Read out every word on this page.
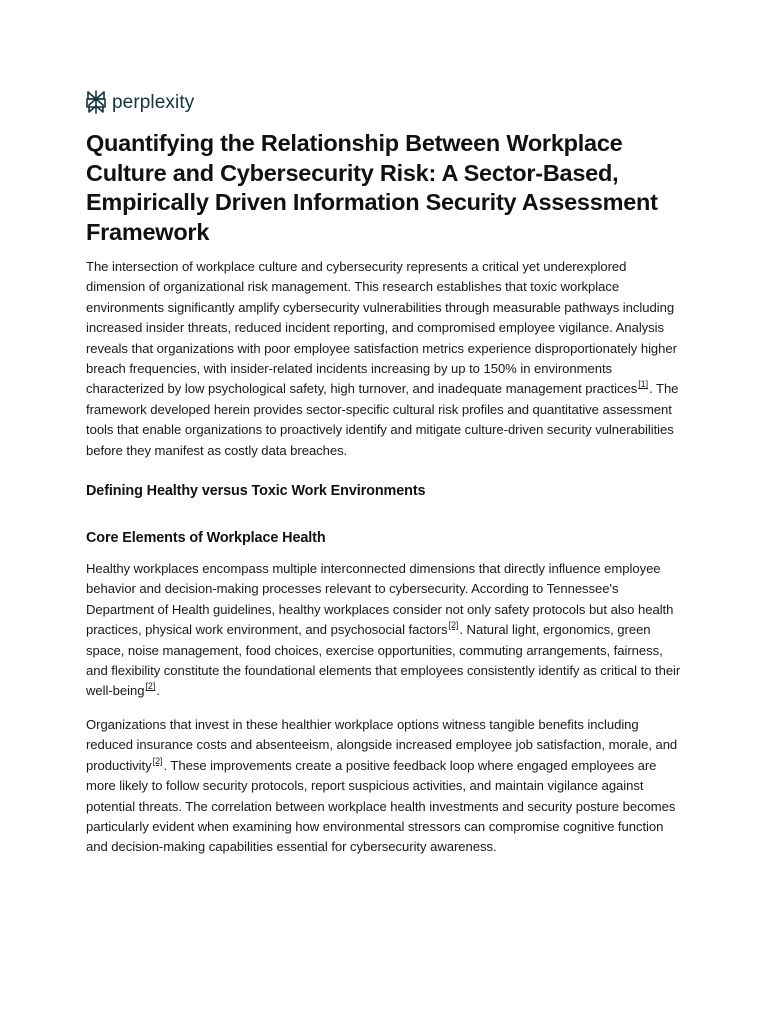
perplexity
Quantifying the Relationship Between Workplace Culture and Cybersecurity Risk: A Sector-Based, Empirically Driven Information Security Assessment Framework

The intersection of workplace culture and cybersecurity represents a critical yet underexplored dimension of organizational risk management. This research establishes that toxic workplace environments significantly amplify cybersecurity vulnerabilities through measurable pathways including increased insider threats, reduced incident reporting, and compromised employee vigilance. Analysis reveals that organizations with poor employee satisfaction metrics experience disproportionately higher breach frequencies, with insider-related incidents increasing by up to 150% in environments characterized by low psychological safety, high turnover, and inadequate management practices[1]. The framework developed herein provides sector-specific cultural risk profiles and quantitative assessment tools that enable organizations to proactively identify and mitigate culture-driven security vulnerabilities before they manifest as costly data breaches.

Defining Healthy versus Toxic Work Environments
Core Elements of Workplace Health

Healthy workplaces encompass multiple interconnected dimensions that directly influence employee behavior and decision-making processes relevant to cybersecurity. According to Tennessee's Department of Health guidelines, healthy workplaces consider not only safety protocols but also health practices, physical work environment, and psychosocial factors[2]. Natural light, ergonomics, green space, noise management, food choices, exercise opportunities, commuting arrangements, fairness, and flexibility constitute the foundational elements that employees consistently identify as critical to their well-being[2].

Organizations that invest in these healthier workplace options witness tangible benefits including reduced insurance costs and absenteeism, alongside increased employee job satisfaction, morale, and productivity[2]. These improvements create a positive feedback loop where engaged employees are more likely to follow security protocols, report suspicious activities, and maintain vigilance against potential threats. The correlation between workplace health investments and security posture becomes particularly evident when examining how environmental stressors can compromise cognitive function and decision-making capabilities essential for cybersecurity awareness.
